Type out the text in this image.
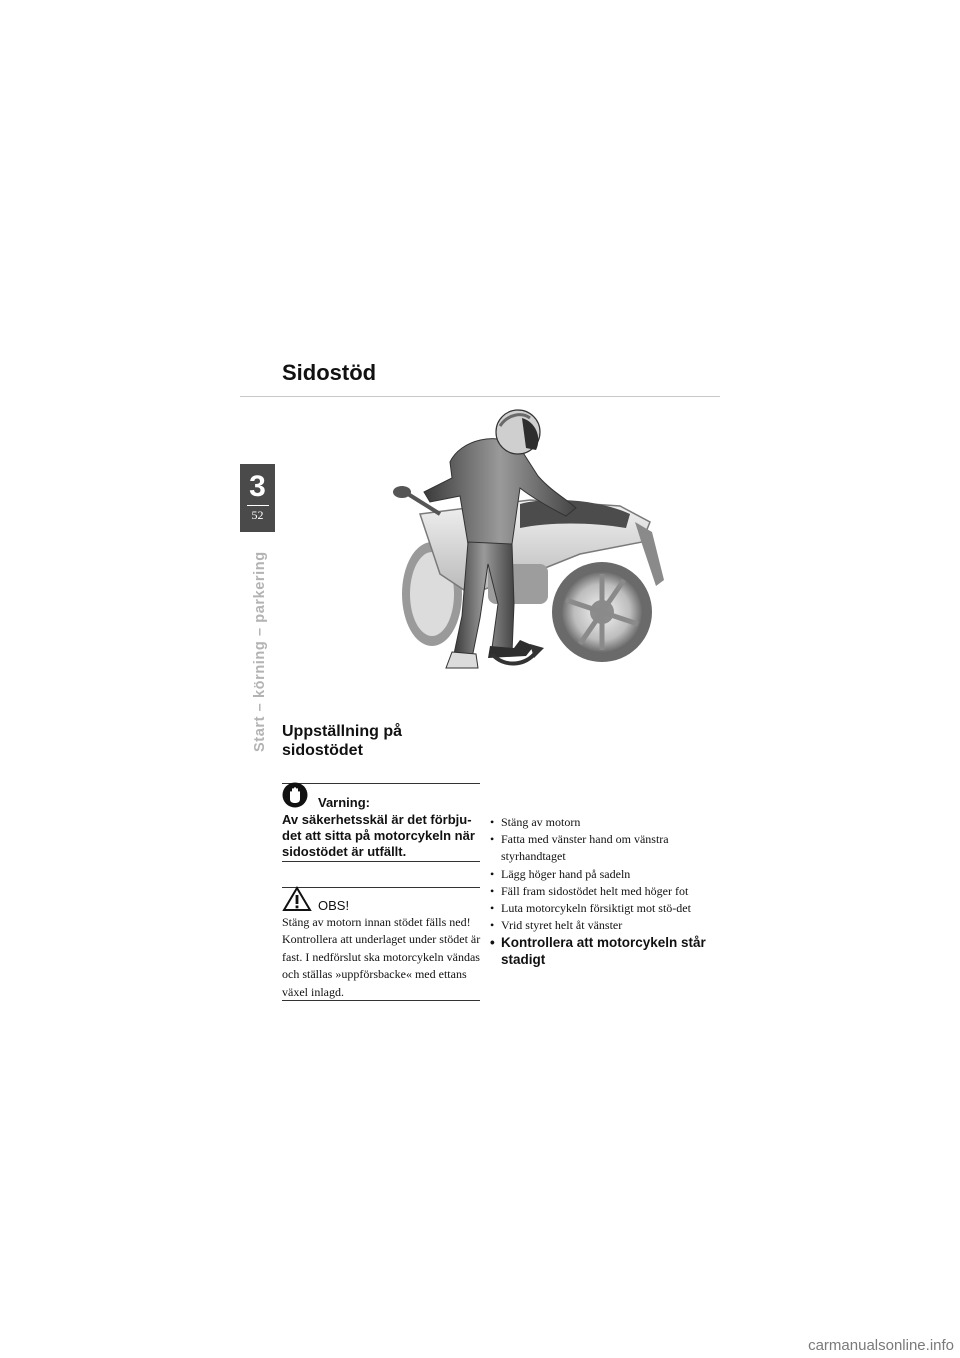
Sidostöd
3
52
Start – körning – parkering Uppställning på sidostödet
Varning:
Av säkerhetsskäl är det förbju-det att sitta på motorcykeln när sidostödet är utfällt.
OBS!
Stäng av motorn innan stödet fälls ned! Kontrollera att underlaget under stödet är fast. I nedförslut ska motorcykeln vändas och ställas »uppförsbacke« med ettans växel inlagd.
• Stäng av motorn
• Fatta med vänster hand om vänstra styrhandtaget
• Lägg höger hand på sadeln
• Fäll fram sidostödet helt med höger fot
• Luta motorcykeln försiktigt mot stö-det
• Vrid styret helt åt vänster
• Kontrollera att motorcykeln står stadigt
carmanualsonline.info
